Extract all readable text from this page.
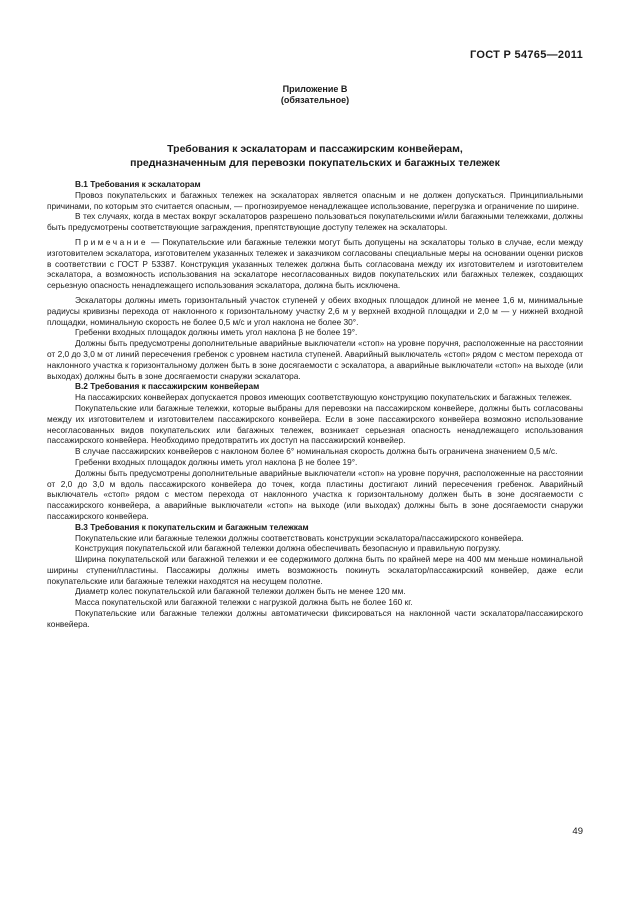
ГОСТ Р 54765—2011
Приложение В
(обязательное)
Требования к эскалаторам и пассажирским конвейерам,
предназначенным для перевозки покупательских и багажных тележек
В.1 Требования к эскалаторам

Провоз покупательских и багажных тележек на эскалаторах является опасным и не должен допускаться. Принципиальными причинами, по которым это считается опасным, — прогнозируемое ненадлежащее использование, перегрузка и ограничение по ширине.

В тех случаях, когда в местах вокруг эскалаторов разрешено пользоваться покупательскими и/или багажными тележками, должны быть предусмотрены соответствующие заграждения, препятствующие доступу тележек на эскалаторы.

Примечание — Покупательские или багажные тележки могут быть допущены на эскалаторы только в случае, если между изготовителем эскалатора, изготовителем указанных тележек и заказчиком согласованы специальные меры на основании оценки рисков в соответствии с ГОСТ Р 53387. Конструкция указанных тележек должна быть согласована между их изготовителем и изготовителем эскалатора, а возможность использования на эскалаторе несогласованных видов покупательских или багажных тележек, создающих серьезную опасность ненадлежащего использования эскалатора, должна быть исключена.

Эскалаторы должны иметь горизонтальный участок ступеней у обеих входных площадок длиной не менее 1,6 м, минимальные радиусы кривизны перехода от наклонного к горизонтальному участку 2,6 м у верхней входной площадки и 2,0 м — у нижней входной площадки, номинальную скорость не более 0,5 м/с и угол наклона не более 30°.

Гребенки входных площадок должны иметь угол наклона β не более 19°.

Должны быть предусмотрены дополнительные аварийные выключатели «стоп» на уровне поручня, расположенные на расстоянии от 2,0 до 3,0 м от линий пересечения гребенок с уровнем настила ступеней. Аварийный выключатель «стоп» рядом с местом перехода от наклонного участка к горизонтальному должен быть в зоне досягаемости с эскалатора, а аварийные выключатели «стоп» на выходе (или выходах) должны быть в зоне досягаемости снаружи эскалатора.

В.2 Требования к пассажирским конвейерам

На пассажирских конвейерах допускается провоз имеющих соответствующую конструкцию покупательских и багажных тележек.

Покупательские или багажные тележки, которые выбраны для перевозки на пассажирском конвейере, должны быть согласованы между их изготовителем и изготовителем пассажирского конвейера. Если в зоне пассажирского конвейера возможно использование несогласованных видов покупательских или багажных тележек, возникает серьезная опасность ненадлежащего использования пассажирского конвейера. Необходимо предотвратить их доступ на пассажирский конвейер.

В случае пассажирских конвейеров с наклоном более 6° номинальная скорость должна быть ограничена значением 0,5 м/с.

Гребенки входных площадок должны иметь угол наклона β не более 19°.

Должны быть предусмотрены дополнительные аварийные выключатели «стоп» на уровне поручня, расположенные на расстоянии от 2,0 до 3,0 м вдоль пассажирского конвейера до точек, когда пластины достигают линий пересечения гребенок. Аварийный выключатель «стоп» рядом с местом перехода от наклонного участка к горизонтальному должен быть в зоне досягаемости с пассажирского конвейера, а аварийные выключатели «стоп» на выходе (или выходах) должны быть в зоне досягаемости снаружи пассажирского конвейера.

В.3 Требования к покупательским и багажным тележкам

Покупательские или багажные тележки должны соответствовать конструкции эскалатора/пассажирского конвейера.

Конструкция покупательской или багажной тележки должна обеспечивать безопасную и правильную погрузку.

Ширина покупательской или багажной тележки и ее содержимого должна быть по крайней мере на 400 мм меньше номинальной ширины ступени/пластины. Пассажиры должны иметь возможность покинуть эскалатор/пассажирский конвейер, даже если покупательские или багажные тележки находятся на несущем полотне.

Диаметр колес покупательской или багажной тележки должен быть не менее 120 мм.

Масса покупательской или багажной тележки с нагрузкой должна быть не более 160 кг.

Покупательские или багажные тележки должны автоматически фиксироваться на наклонной части эскалатора/пассажирского конвейера.

49
